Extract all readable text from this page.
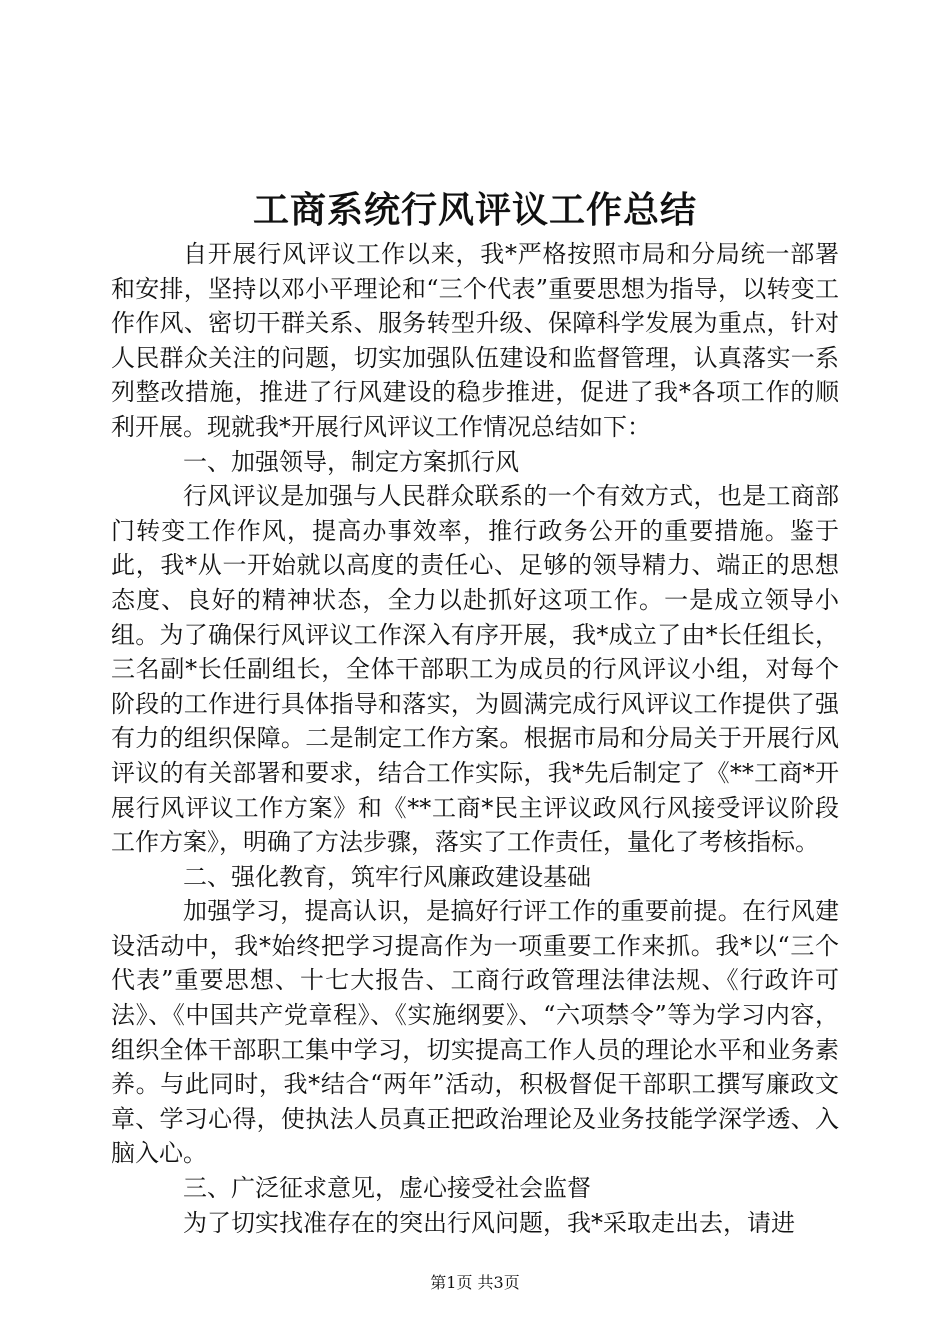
工商系统行风评议工作总结

自开展行风评议工作以来，我*严格按照市局和分局统一部署和安排，坚持以邓小平理论和“三个代表”重要思想为指导，以转变工作作风、密切干群关系、服务转型升级、保障科学发展为重点，针对人民群众关注的问题，切实加强队伍建设和监督管理，认真落实一系列整改措施，推进了行风建设的稳步推进，促进了我*各项工作的顺利开展。现就我*开展行风评议工作情况总结如下：

一、加强领导，制定方案抓行风

行风评议是加强与人民群众联系的一个有效方式，也是工商部门转变工作作风，提高办事效率，推行政务公开的重要措施。鉴于此，我*从一开始就以高度的责任心、足够的领导精力、端正的思想态度、良好的精神状态，全力以赴抓好这项工作。一是成立领导小组。为了确保行风评议工作深入有序开展，我*成立了由*长任组长，三名副*长任副组长，全体干部职工为成员的行风评议小组，对每个阶段的工作进行具体指导和落实，为圆满完成行风评议工作提供了强有力的组织保障。二是制定工作方案。根据市局和分局关于开展行风评议的有关部署和要求，结合工作实际，我*先后制定了《**工商*开展行风评议工作方案》和《**工商*民主评议政风行风接受评议阶段工作方案》，明确了方法步骤，落实了工作责任，量化了考核指标。

二、强化教育，筑牢行风廉政建设基础

加强学习，提高认识，是搞好行评工作的重要前提。在行风建设活动中，我*始终把学习提高作为一项重要工作来抓。我*以“三个代表”重要思想、十七大报告、工商行政管理法律法规、《行政许可法》、《中国共产党章程》、《实施纲要》、“六项禁令”等为学习内容，组织全体干部职工集中学习，切实提高工作人员的理论水平和业务素养。与此同时，我*结合“两年”活动，积极督促干部职工撰写廉政文章、学习心得，使执法人员真正把政治理论及业务技能学深学透、入脑入心。

三、广泛征求意见，虚心接受社会监督

为了切实找准存在的突出行风问题，我*采取走出去，请进

第1页 共3页
